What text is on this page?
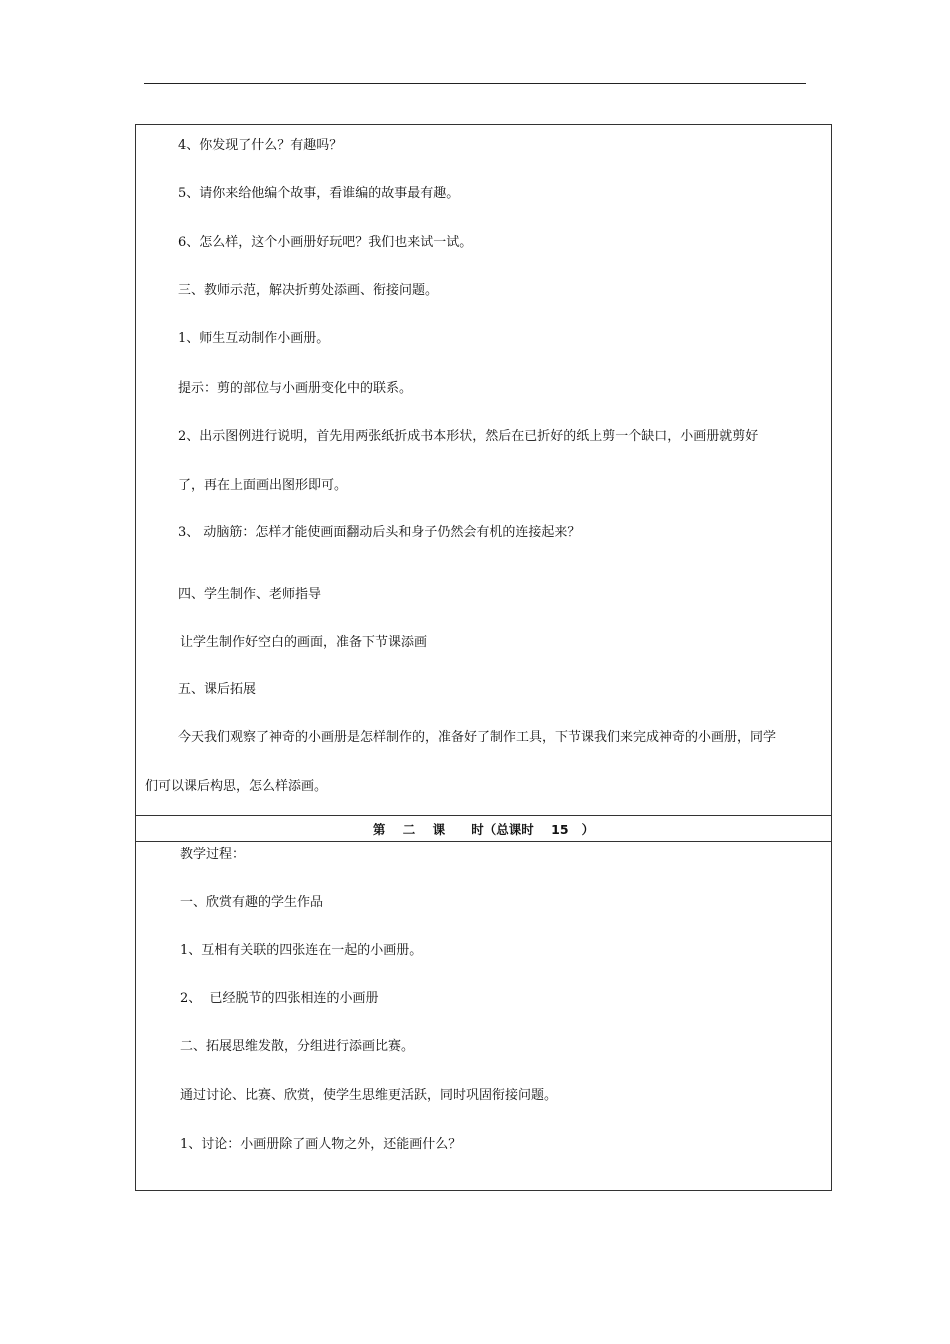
4、你发现了什么？有趣吗？
5、请你来给他编个故事，看谁编的故事最有趣。
6、怎么样，这个小画册好玩吧？我们也来试一试。
三、教师示范，解决折剪处添画、衔接问题。
1、师生互动制作小画册。
提示：剪的部位与小画册变化中的联系。
2、出示图例进行说明，首先用两张纸折成书本形状，然后在已折好的纸上剪一个缺口，小画册就剪好
了，再在上面画出图形即可。
3、 动脑筋：怎样才能使画面翻动后头和身子仍然会有机的连接起来？
四、学生制作、老师指导
让学生制作好空白的画面，准备下节课添画
五、课后拓展
今天我们观察了神奇的小画册是怎样制作的，准备好了制作工具，下节课我们来完成神奇的小画册，同学
们可以课后构思，怎么样添画。
第    二    课      时（总课时    15   ）
教学过程：
一、欣赏有趣的学生作品
1、互相有关联的四张连在一起的小画册。
2、  已经脱节的四张相连的小画册
二、拓展思维发散，分组进行添画比赛。
通过讨论、比赛、欣赏，使学生思维更活跃，同时巩固衔接问题。
1、讨论：小画册除了画人物之外，还能画什么？
